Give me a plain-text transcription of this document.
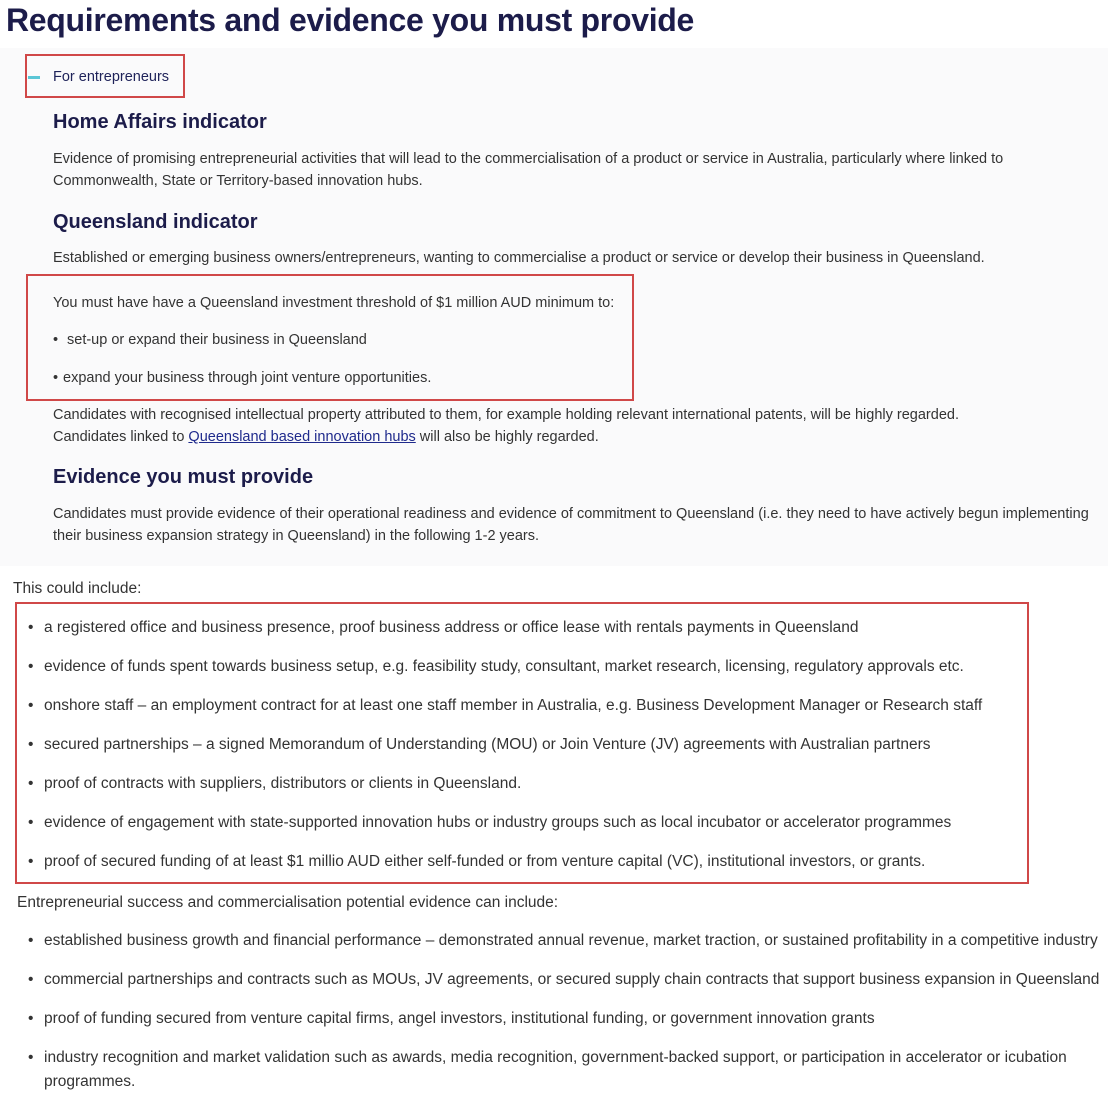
Requirements and evidence you must provide
For entrepreneurs
Home Affairs indicator

Evidence of promising entrepreneurial activities that will lead to the commercialisation of a product or service in Australia, particularly where linked to

Commonwealth, State or Territory-based innovation hubs.

Queensland indicator

Established or emerging business owners/entrepreneurs, wanting to commercialise a product or service or develop their business in Queensland.

You must have have a Queensland investment threshold of $1 million AUD minimum to:

• set-up or expand their business in Queensland
• expand your business through joint venture opportunities.

Candidates with recognised intellectual property attributed to them, for example holding relevant international patents, will be highly regarded.

Candidates linked to Queensland based innovation hubs will also be highly regarded.

Evidence you must provide

Candidates must provide evidence of their operational readiness and evidence of commitment to Queensland (i.e. they need to have actively begun implementing

their business expansion strategy in Queensland) in the following 1-2 years.

This could include:
• a registered office and business presence, proof business address or office lease with rentals payments in Queensland
• evidence of funds spent towards business setup, e.g. feasibility study, consultant, market research, licensing, regulatory approvals etc.
• onshore staff – an employment contract for at least one staff member in Australia, e.g. Business Development Manager or Research staff
• secured partnerships – a signed Memorandum of Understanding (MOU) or Join Venture (JV) agreements with Australian partners
• proof of contracts with suppliers, distributors or clients in Queensland.
• evidence of engagement with state-supported innovation hubs or industry groups such as local incubator or accelerator programmes
• proof of secured funding of at least $1 millio AUD either self-funded or from venture capital (VC), institutional investors, or grants.
Entrepreneurial success and commercialisation potential evidence can include:
• established business growth and financial performance – demonstrated annual revenue, market traction, or sustained profitability in a competitive industry
• commercial partnerships and contracts such as MOUs, JV agreements, or secured supply chain contracts that support business expansion in Queensland
• proof of funding secured from venture capital firms, angel investors, institutional funding, or government innovation grants
• industry recognition and market validation such as awards, media recognition, government-backed support, or participation in accelerator or icubation
programmes.
